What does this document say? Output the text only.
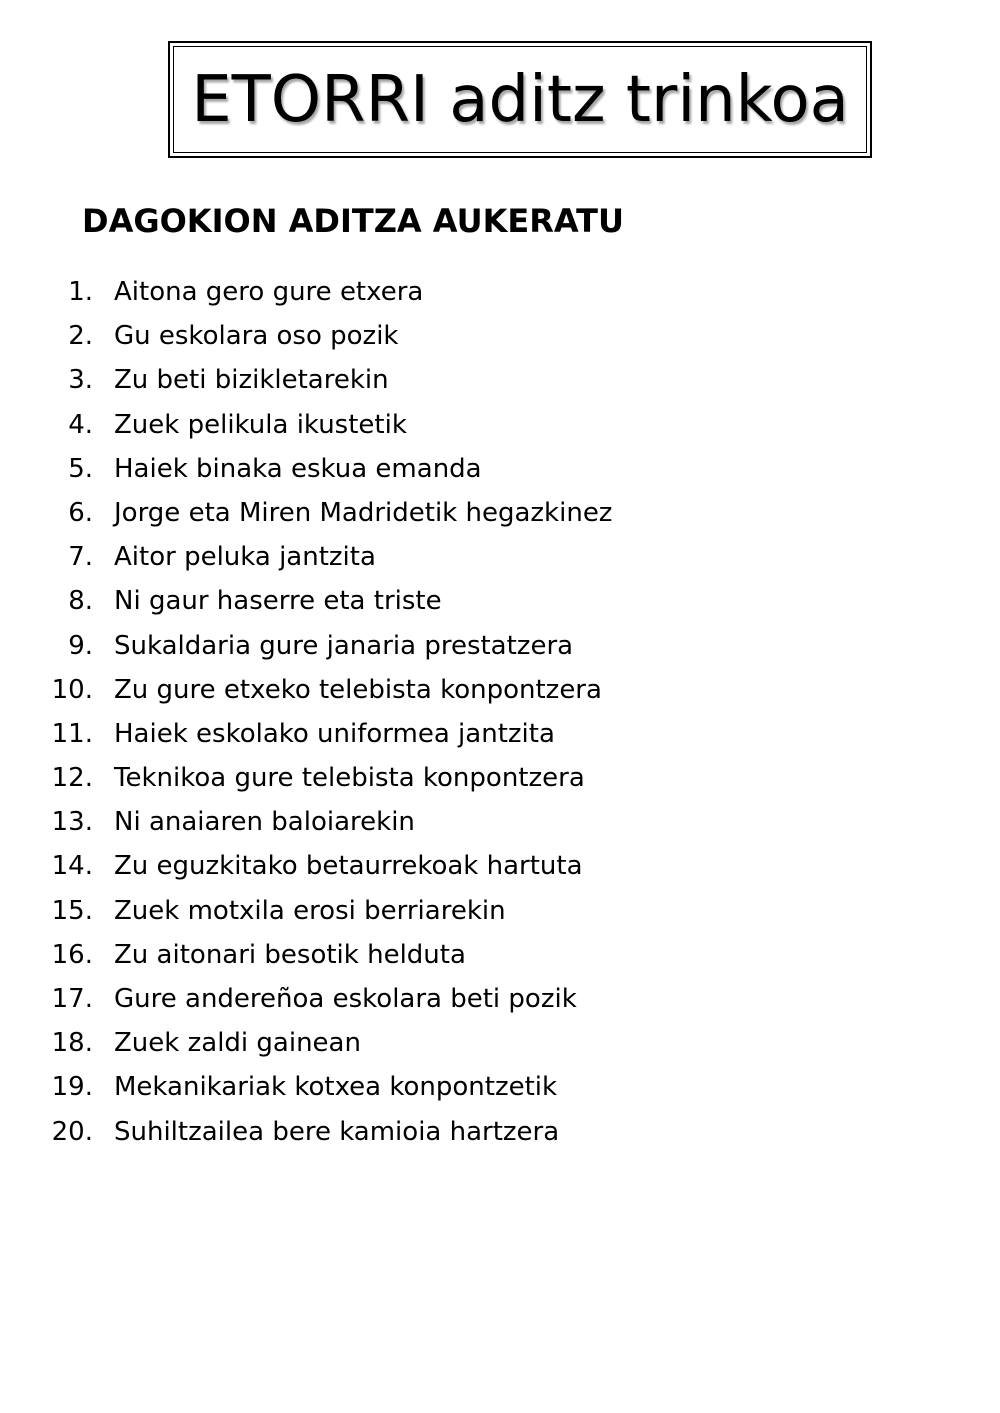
ETORRI aditz trinkoa
DAGOKION ADITZA AUKERATU
1. Aitona gero gure etxera
2. Gu eskolara oso pozik
3. Zu beti bizikletarekin
4. Zuek pelikula ikustetik
5. Haiek binaka eskua emanda
6. Jorge eta Miren Madridetik hegazkinez
7. Aitor peluka jantzita
8. Ni gaur haserre eta triste
9. Sukaldaria gure janaria prestatzera
10. Zu gure etxeko telebista konpontzera
11. Haiek eskolako uniformea jantzita
12. Teknikoa gure telebista konpontzera
13. Ni anaiaren baloiarekin
14. Zu eguzkitako betaurrekoak hartuta
15. Zuek motxila erosi berriarekin
16. Zu aitonari besotik helduta
17. Gure andereñoa eskolara beti pozik
18. Zuek zaldi gainean
19. Mekanikariak kotxea konpontzetik
20. Suhiltzailea bere kamioia hartzera
